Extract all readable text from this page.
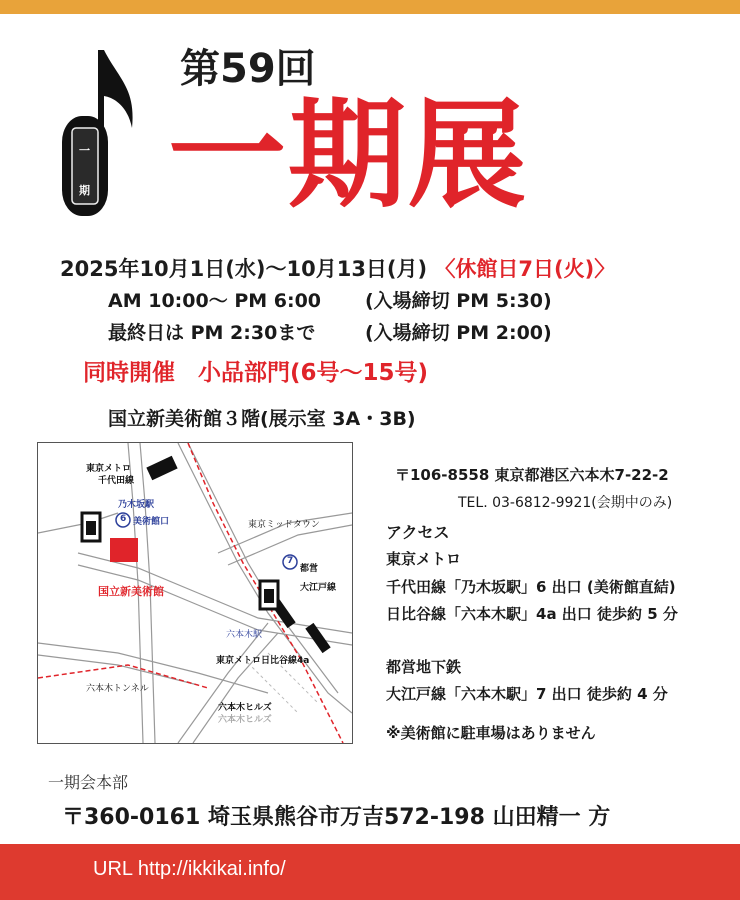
一
期
第59回
一期展
2025年10月1日(水)～10月13日(月) 〈休館日7日(火)〉
AM 10:00～ PM 6:00 (入場締切 PM 5:30)
最終日は PM 2:30まで	(入場締切 PM 2:00)
同時開催　小品部門(6号～15号)
国立新美術館３階(展示室 3A・3B)
東京メトロ
千代田線
乃木坂駅
6 美術館口	東京ミッドタウン
国立新美術館
7
都営
大江戸線
六本木駅
東京メトロ日比谷線4a
六本木トンネル
六本木ヒルズ
六本木ヒルズ
〒106-8558 東京都港区六本木7-22-2
TEL. 03-6812-9921(会期中のみ)
アクセス
東京メトロ
千代田線「乃木坂駅」6 出口 (美術館直結)
日比谷線「六本木駅」4a 出口 徒歩約 5 分
都営地下鉄
大江戸線「六本木駅」7 出口 徒歩約 4 分
※美術館に駐車場はありません
一期会本部
〒360-0161 埼玉県熊谷市万吉572-198 山田精一 方
URL http://ikkikai.info/
